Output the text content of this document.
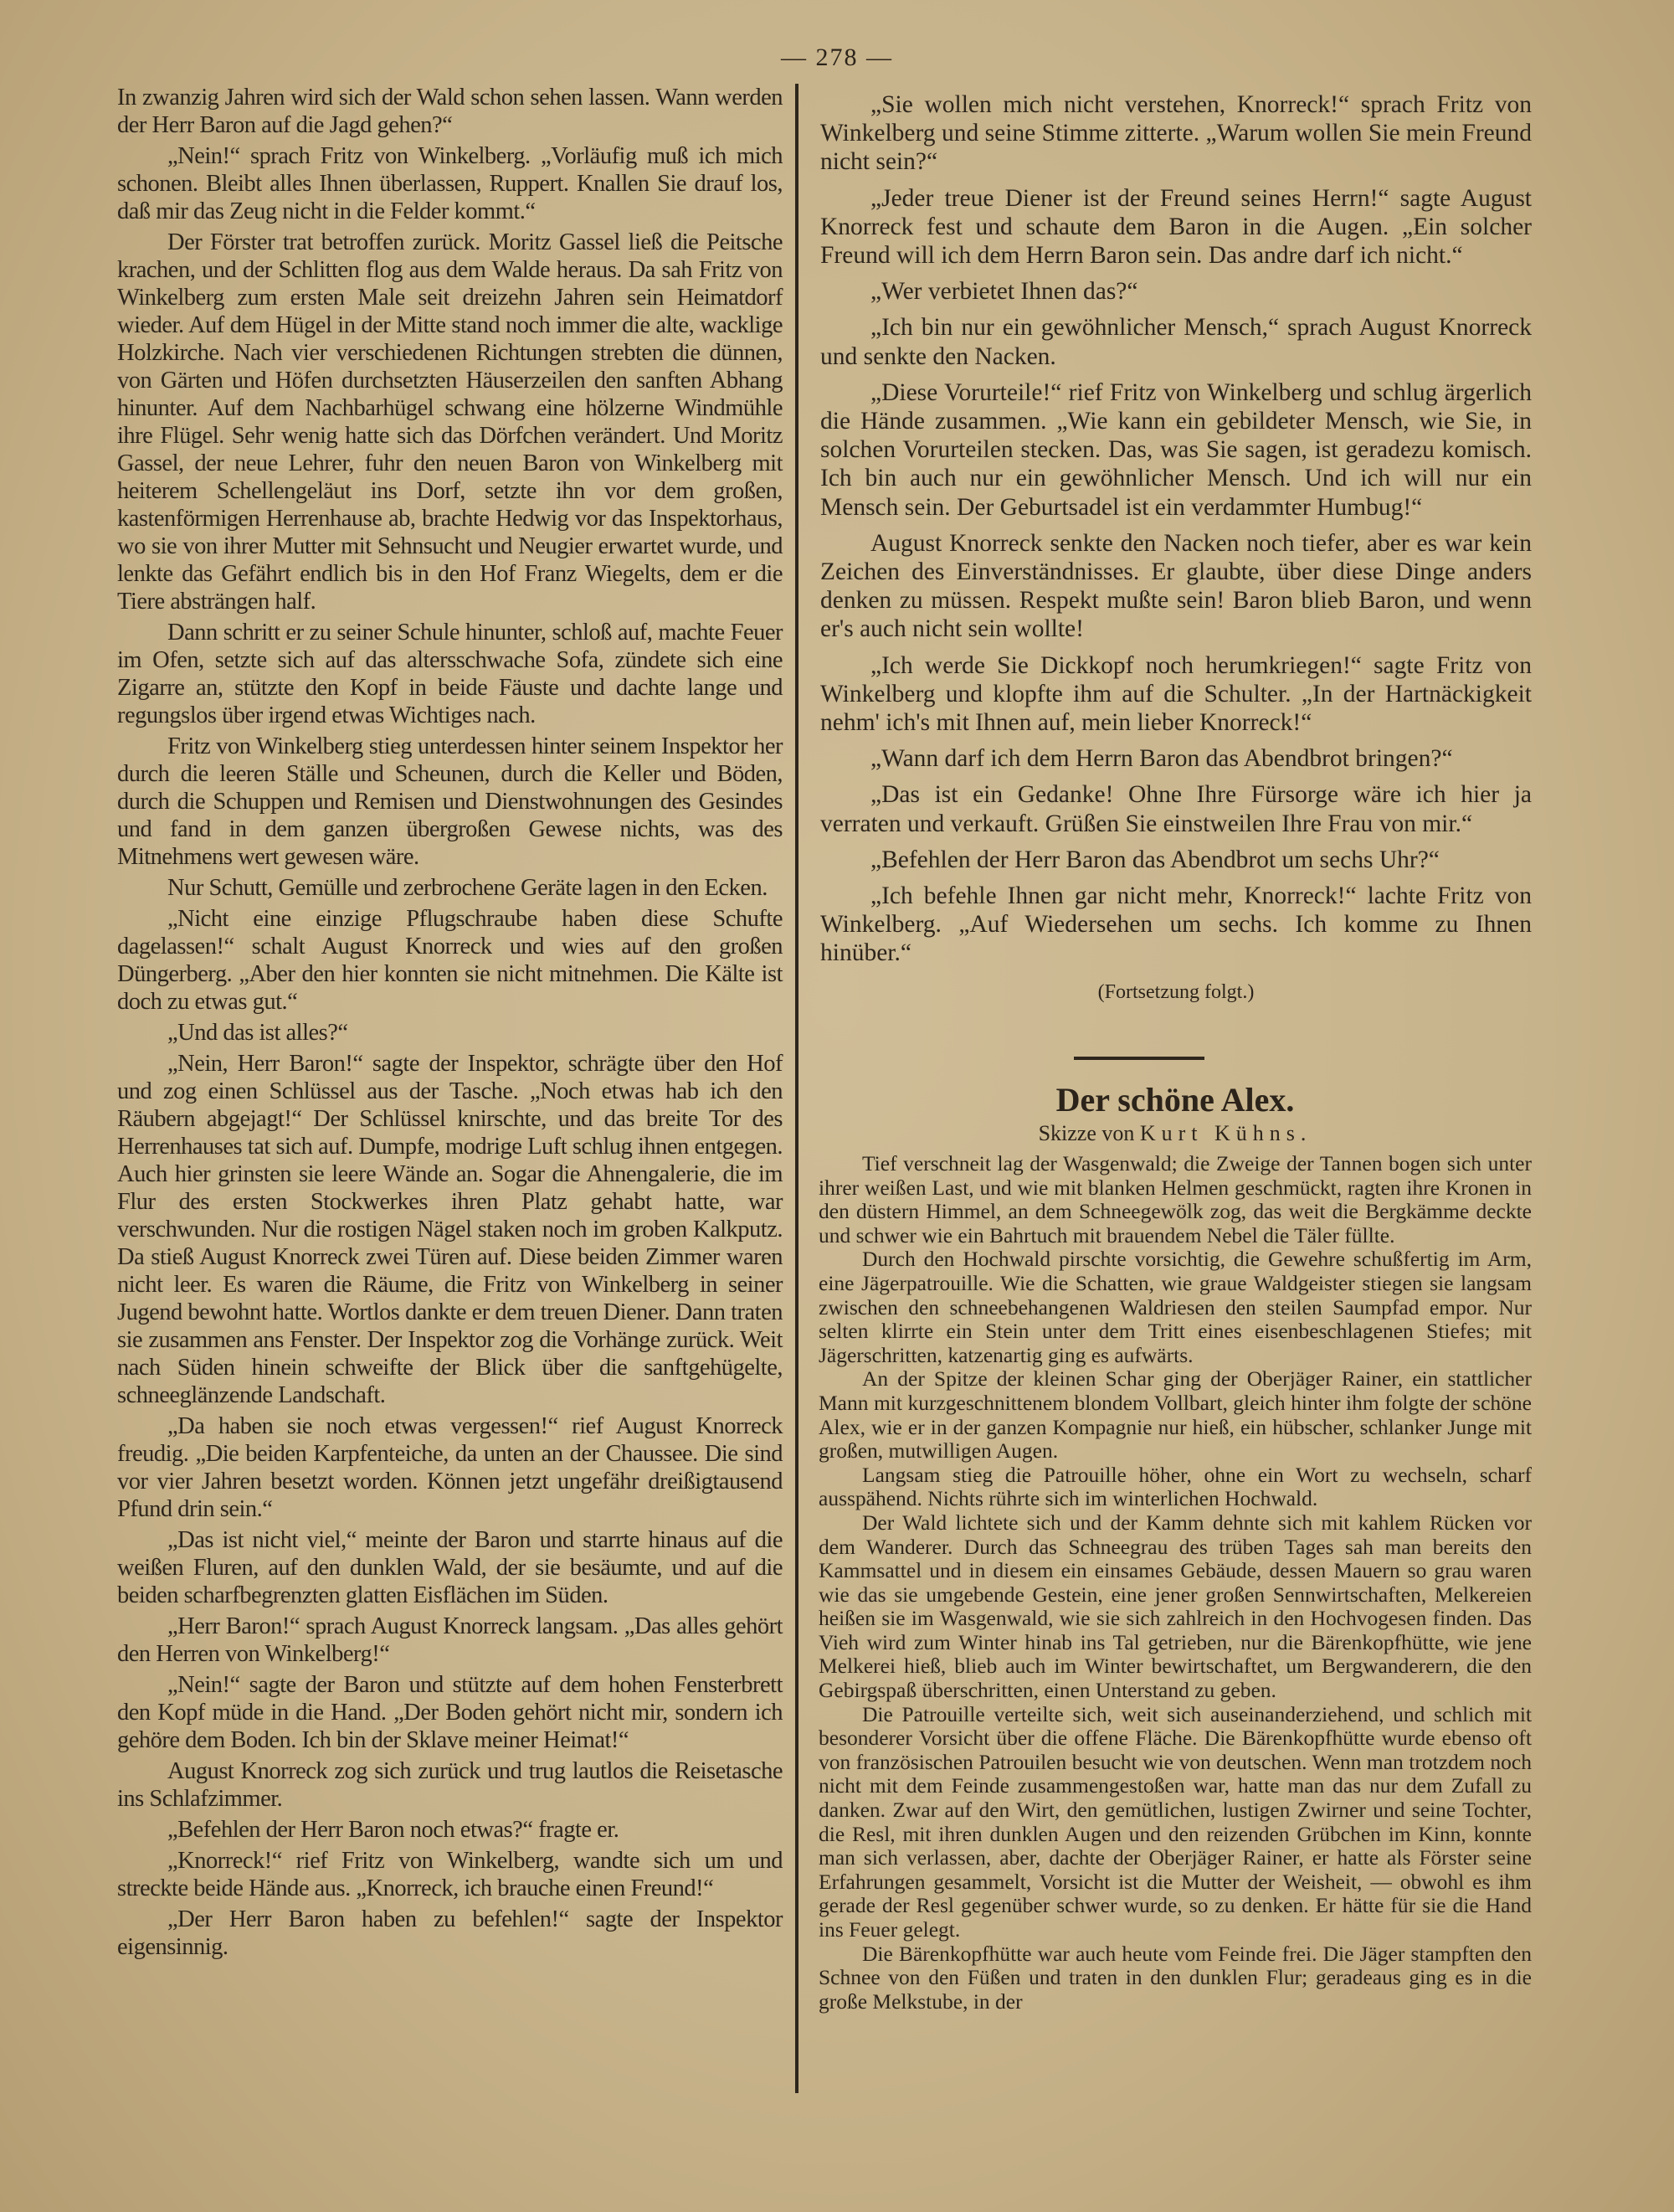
— 278 —

In zwanzig Jahren wird sich der Wald schon sehen lassen. Wann werden der Herr Baron auf die Jagd gehen?“

„Nein!“ sprach Fritz von Winkelberg. „Vorläufig muß ich mich schonen. Bleibt alles Ihnen überlassen, Ruppert. Knallen Sie drauf los, daß mir das Zeug nicht in die Felder kommt.“

Der Förster trat betroffen zurück. Moritz Gassel ließ die Peitsche krachen, und der Schlitten flog aus dem Walde heraus. Da sah Fritz von Winkelberg zum ersten Male seit dreizehn Jahren sein Heimatdorf wieder. Auf dem Hügel in der Mitte stand noch immer die alte, wacklige Holzkirche. Nach vier verschiedenen Richtungen strebten die dünnen, von Gärten und Höfen durchsetzten Häuserzeilen den sanften Abhang hinunter. Auf dem Nachbarhügel schwang eine hölzerne Windmühle ihre Flügel. Sehr wenig hatte sich das Dörfchen verändert. Und Moritz Gassel, der neue Lehrer, fuhr den neuen Baron von Winkelberg mit heiterem Schellengeläut ins Dorf, setzte ihn vor dem großen, kastenförmigen Herrenhause ab, brachte Hedwig vor das Inspektorhaus, wo sie von ihrer Mutter mit Sehnsucht und Neugier erwartet wurde, und lenkte das Gefährt endlich bis in den Hof Franz Wiegelts, dem er die Tiere absträngen half.

Dann schritt er zu seiner Schule hinunter, schloß auf, machte Feuer im Ofen, setzte sich auf das altersschwache Sofa, zündete sich eine Zigarre an, stützte den Kopf in beide Fäuste und dachte lange und regungslos über irgend etwas Wichtiges nach.

Fritz von Winkelberg stieg unterdessen hinter seinem Inspektor her durch die leeren Ställe und Scheunen, durch die Keller und Böden, durch die Schuppen und Remisen und Dienstwohnungen des Gesindes und fand in dem ganzen übergroßen Gewese nichts, was des Mitnehmens wert gewesen wäre.

Nur Schutt, Gemülle und zerbrochene Geräte lagen in den Ecken.

„Nicht eine einzige Pflugschraube haben diese Schufte dagelassen!“ schalt August Knorreck und wies auf den großen Düngerberg. „Aber den hier konnten sie nicht mitnehmen. Die Kälte ist doch zu etwas gut.“

„Und das ist alles?“

„Nein, Herr Baron!“ sagte der Inspektor, schrägte über den Hof und zog einen Schlüssel aus der Tasche. „Noch etwas hab ich den Räubern abgejagt!“ Der Schlüssel knirschte, und das breite Tor des Herrenhauses tat sich auf. Dumpfe, modrige Luft schlug ihnen entgegen. Auch hier grinsten sie leere Wände an. Sogar die Ahnengalerie, die im Flur des ersten Stockwerkes ihren Platz gehabt hatte, war verschwunden. Nur die rostigen Nägel staken noch im groben Kalkputz. Da stieß August Knorreck zwei Türen auf. Diese beiden Zimmer waren nicht leer. Es waren die Räume, die Fritz von Winkelberg in seiner Jugend bewohnt hatte. Wortlos dankte er dem treuen Diener. Dann traten sie zusammen ans Fenster. Der Inspektor zog die Vorhänge zurück. Weit nach Süden hinein schweifte der Blick über die sanftgehügelte, schneeglänzende Landschaft.

„Da haben sie noch etwas vergessen!“ rief August Knorreck freudig. „Die beiden Karpfenteiche, da unten an der Chaussee. Die sind vor vier Jahren besetzt worden. Können jetzt ungefähr dreißigtausend Pfund drin sein.“

„Das ist nicht viel,“ meinte der Baron und starrte hinaus auf die weißen Fluren, auf den dunklen Wald, der sie besäumte, und auf die beiden scharfbegrenzten glatten Eisflächen im Süden.

„Herr Baron!“ sprach August Knorreck langsam. „Das alles gehört den Herren von Winkelberg!“

„Nein!“ sagte der Baron und stützte auf dem hohen Fensterbrett den Kopf müde in die Hand. „Der Boden gehört nicht mir, sondern ich gehöre dem Boden. Ich bin der Sklave meiner Heimat!“

August Knorreck zog sich zurück und trug lautlos die Reisetasche ins Schlafzimmer.

„Befehlen der Herr Baron noch etwas?“ fragte er.

„Knorreck!“ rief Fritz von Winkelberg, wandte sich um und streckte beide Hände aus. „Knorreck, ich brauche einen Freund!“

„Der Herr Baron haben zu befehlen!“ sagte der Inspektor eigensinnig.

„Sie wollen mich nicht verstehen, Knorreck!“ sprach Fritz von Winkelberg und seine Stimme zitterte. „Warum wollen Sie mein Freund nicht sein?“

„Jeder treue Diener ist der Freund seines Herrn!“ sagte August Knorreck fest und schaute dem Baron in die Augen. „Ein solcher Freund will ich dem Herrn Baron sein. Das andre darf ich nicht.“

„Wer verbietet Ihnen das?“

„Ich bin nur ein gewöhnlicher Mensch,“ sprach August Knorreck und senkte den Nacken.

„Diese Vorurteile!“ rief Fritz von Winkelberg und schlug ärgerlich die Hände zusammen. „Wie kann ein gebildeter Mensch, wie Sie, in solchen Vorurteilen stecken. Das, was Sie sagen, ist geradezu komisch. Ich bin auch nur ein gewöhnlicher Mensch. Und ich will nur ein Mensch sein. Der Geburtsadel ist ein verdammter Humbug!“

August Knorreck senkte den Nacken noch tiefer, aber es war kein Zeichen des Einverständnisses. Er glaubte, über diese Dinge anders denken zu müssen. Respekt mußte sein! Baron blieb Baron, und wenn er's auch nicht sein wollte!

„Ich werde Sie Dickkopf noch herumkriegen!“ sagte Fritz von Winkelberg und klopfte ihm auf die Schulter. „In der Hartnäckigkeit nehm' ich's mit Ihnen auf, mein lieber Knorreck!“

„Wann darf ich dem Herrn Baron das Abendbrot bringen?“

„Das ist ein Gedanke! Ohne Ihre Fürsorge wäre ich hier ja verraten und verkauft. Grüßen Sie einstweilen Ihre Frau von mir.“

„Befehlen der Herr Baron das Abendbrot um sechs Uhr?“

„Ich befehle Ihnen gar nicht mehr, Knorreck!“ lachte Fritz von Winkelberg. „Auf Wiedersehen um sechs. Ich komme zu Ihnen hinüber.“

(Fortsetzung folgt.)

Der schöne Alex.
Skizze von Kurt Kühns.

Tief verschneit lag der Wasgenwald; die Zweige der Tannen bogen sich unter ihrer weißen Last, und wie mit blanken Helmen geschmückt, ragten ihre Kronen in den düstern Himmel, an dem Schneegewölk zog, das weit die Bergkämme deckte und schwer wie ein Bahrtuch mit brauendem Nebel die Täler füllte.

Durch den Hochwald pirschte vorsichtig, die Gewehre schußfertig im Arm, eine Jägerpatrouille. Wie die Schatten, wie graue Waldgeister stiegen sie langsam zwischen den schneebehangenen Waldriesen den steilen Saumpfad empor. Nur selten klirrte ein Stein unter dem Tritt eines eisenbeschlagenen Stiefes; mit Jägerschritten, katzenartig ging es aufwärts.

An der Spitze der kleinen Schar ging der Oberjäger Rainer, ein stattlicher Mann mit kurzgeschnittenem blondem Vollbart, gleich hinter ihm folgte der schöne Alex, wie er in der ganzen Kompagnie nur hieß, ein hübscher, schlanker Junge mit großen, mutwilligen Augen.

Langsam stieg die Patrouille höher, ohne ein Wort zu wechseln, scharf ausspähend. Nichts rührte sich im winterlichen Hochwald.

Der Wald lichtete sich und der Kamm dehnte sich mit kahlem Rücken vor dem Wanderer. Durch das Schneegrau des trüben Tages sah man bereits den Kammsattel und in diesem ein einsames Gebäude, dessen Mauern so grau waren wie das sie umgebende Gestein, eine jener großen Sennwirtschaften, Melkereien heißen sie im Wasgenwald, wie sie sich zahlreich in den Hochvogesen finden. Das Vieh wird zum Winter hinab ins Tal getrieben, nur die Bärenkopfhütte, wie jene Melkerei hieß, blieb auch im Winter bewirtschaftet, um Bergwanderern, die den Gebirgspaß überschritten, einen Unterstand zu geben.

Die Patrouille verteilte sich, weit sich auseinanderziehend, und schlich mit besonderer Vorsicht über die offene Fläche. Die Bärenkopfhütte wurde ebenso oft von französischen Patrouilen besucht wie von deutschen. Wenn man trotzdem noch nicht mit dem Feinde zusammengestoßen war, hatte man das nur dem Zufall zu danken. Zwar auf den Wirt, den gemütlichen, lustigen Zwirner und seine Tochter, die Resl, mit ihren dunklen Augen und den reizenden Grübchen im Kinn, konnte man sich verlassen, aber, dachte der Oberjäger Rainer, er hatte als Förster seine Erfahrungen gesammelt, Vorsicht ist die Mutter der Weisheit, — obwohl es ihm gerade der Resl gegenüber schwer wurde, so zu denken. Er hätte für sie die Hand ins Feuer gelegt.

Die Bärenkopfhütte war auch heute vom Feinde frei. Die Jäger stampften den Schnee von den Füßen und traten in den dunklen Flur; geradeaus ging es in die große Melkstube, in der
